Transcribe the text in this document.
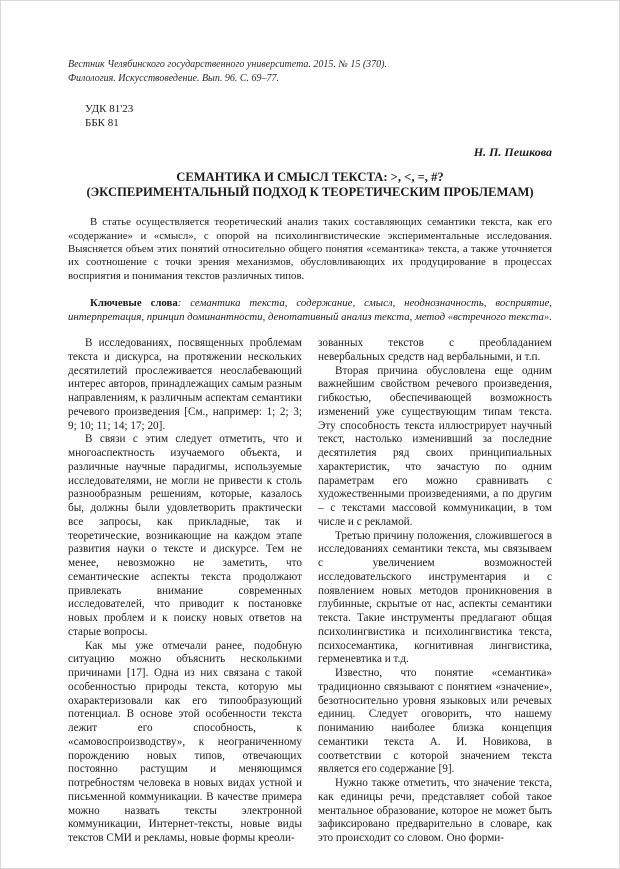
Вестник Челябинского государственного университета. 2015. № 15 (370).
Филология. Искусствоведение. Вып. 96. С. 69–77.
УДК 81'23
ББК 81
Н. П. Пешкова
СЕМАНТИКА И СМЫСЛ ТЕКСТА: >, <, =, #?
(ЭКСПЕРИМЕНТАЛЬНЫЙ ПОДХОД К ТЕОРЕТИЧЕСКИМ ПРОБЛЕМАМ)
В статье осуществляется теоретический анализ таких составляющих семантики текста, как его «содержание» и «смысл», с опорой на психолингвистические экспериментальные исследования. Выясняется объем этих понятий относительно общего понятия «семантика» текста, а также уточняется их соотношение с точки зрения механизмов, обусловливающих их продуцирование в процессах восприятия и понимания текстов различных типов.
Ключевые слова: семантика текста, содержание, смысл, неоднозначность, восприятие, интерпретация, принцип доминантности, денотативный анализ текста, метод «встречного текста».

В исследованиях, посвященных проблемам текста и дискурса, на протяжении нескольких десятилетий прослеживается неослабевающий интерес авторов, принадлежащих самым разным направлениям, к различным аспектам семантики речевого произведения [См., например: 1; 2; 3; 9; 10; 11; 14; 17; 20].

В связи с этим следует отметить, что и многоаспектность изучаемого объекта, и различные научные парадигмы, используемые исследователями, не могли не привести к столь разнообразным решениям, которые, казалось бы, должны были удовлетворить практически все запросы, как прикладные, так и теоретические, возникающие на каждом этапе развития науки о тексте и дискурсе. Тем не менее, невозможно не заметить, что семантические аспекты текста продолжают привлекать внимание современных исследователей, что приводит к постановке новых проблем и к поиску новых ответов на старые вопросы.

Как мы уже отмечали ранее, подобную ситуацию можно объяснить несколькими причинами [17]. Одна из них связана с такой особенностью природы текста, которую мы охарактеризовали как его типообразующий потенциал. В основе этой особенности текста лежит его способность, к «самовоспроизводству», к неограниченному порождению новых типов, отвечающих постоянно растущим и меняющимся потребностям человека в новых видах устной и письменной коммуникации. В качестве примера можно назвать тексты электронной коммуникации, Интернет-тексты, новые виды текстов СМИ и рекламы, новые формы креоли-

зованных текстов с преобладанием невербальных средств над вербальными, и т.п.

Вторая причина обусловлена еще одним важнейшим свойством речевого произведения, гибкостью, обеспечивающей возможность изменений уже существующим типам текста. Эту способность текста иллюстрирует научный текст, настолько изменивший за последние десятилетия ряд своих принципиальных характеристик, что зачастую по одним параметрам его можно сравнивать с художественными произведениями, а по другим – с текстами массовой коммуникации, в том числе и с рекламой.

Третью причину положения, сложившегося в исследованиях семантики текста, мы связываем с увеличением возможностей исследовательского инструментария и с появлением новых методов проникновения в глубинные, скрытые от нас, аспекты семантики текста. Такие инструменты предлагают общая психолингвистика и психолингвистика текста, психосемантика, когнитивная лингвистика, герменевтика и т.д.

Известно, что понятие «семантика» традиционно связывают с понятием «значение», безотносительно уровня языковых или речевых единиц. Следует оговорить, что нашему пониманию наиболее близка концепция семантики текста А. И. Новикова, в соответствии с которой значением текста является его содержание [9].

Нужно также отметить, что значение текста, как единицы речи, представляет собой такое ментальное образование, которое не может быть зафиксировано предварительно в словаре, как это происходит со словом. Оно форми-
